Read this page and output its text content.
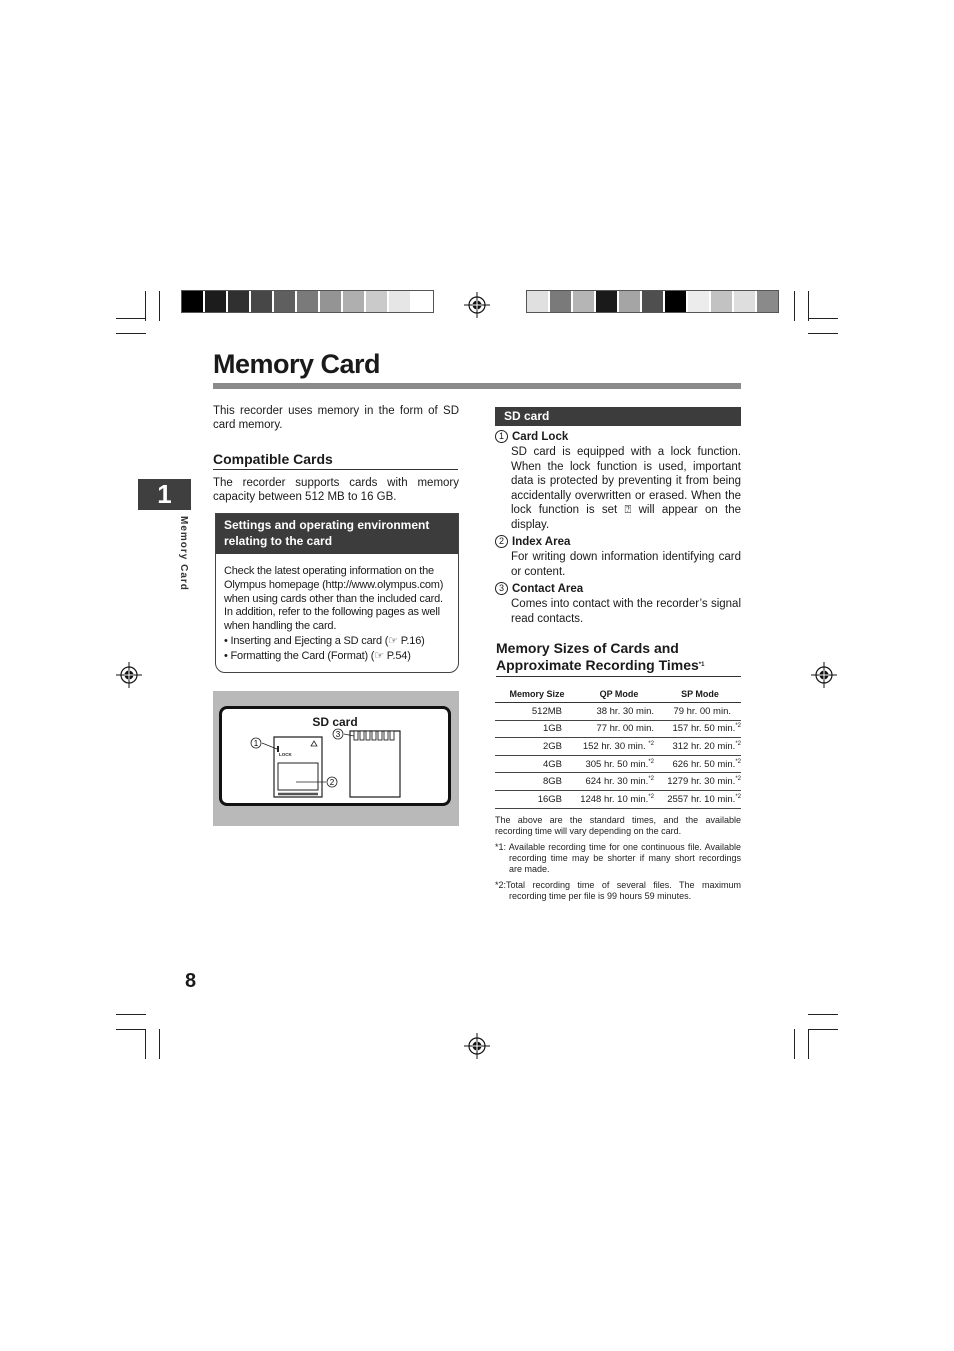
Memory Card
1
Memory Card
8

This recorder uses memory in the form of SD card memory.

Compatible Cards

The recorder supports cards with memory capacity between 512 MB to 16 GB.

Settings and operating environment relating to the card
Check the latest operating information on the Olympus homepage (http://www.olympus.com) when using cards other than the included card. In addition, refer to the following pages as well when handling the card.
• Inserting and Ejecting a SD card (☞ P.16)
• Formatting the Card (Format) (☞ P.54)
SD card
LOCK
1
2
3
SD card
1 Card Lock
SD card is equipped with a lock function. When the lock function is used, important data is protected by preventing it from being accidentally overwritten or erased. When the lock function is set ⍰ will appear on the display.
2 Index Area
For writing down information identifying card or content.
3 Contact Area
Comes into contact with the recorder’s signal read contacts.
Memory Sizes of Cards and
Approximate Recording Times$^{*1}$
Memory Size	QP Mode	SP Mode
512MB	38 hr. 30 min.	79 hr. 00 min.
1GB	77 hr. 00 min.	157 hr. 50 min.$^{*2}$
2GB	152 hr. 30 min. $^{*2}$	312 hr. 20 min.$^{*2}$
4GB	305 hr. 50 min.$^{*2}$	626 hr. 50 min.$^{*2}$
8GB	624 hr. 30 min.$^{*2}$	1279 hr. 30 min.$^{*2}$
16GB	1248 hr. 10 min.$^{*2}$	2557 hr. 10 min.$^{*2}$

The above are the standard times, and the available recording time will vary depending on the card.

*1: Available recording time for one continuous file. Available recording time may be shorter if many short recordings are made.

*2:Total recording time of several files. The maximum recording time per file is 99 hours 59 minutes.
